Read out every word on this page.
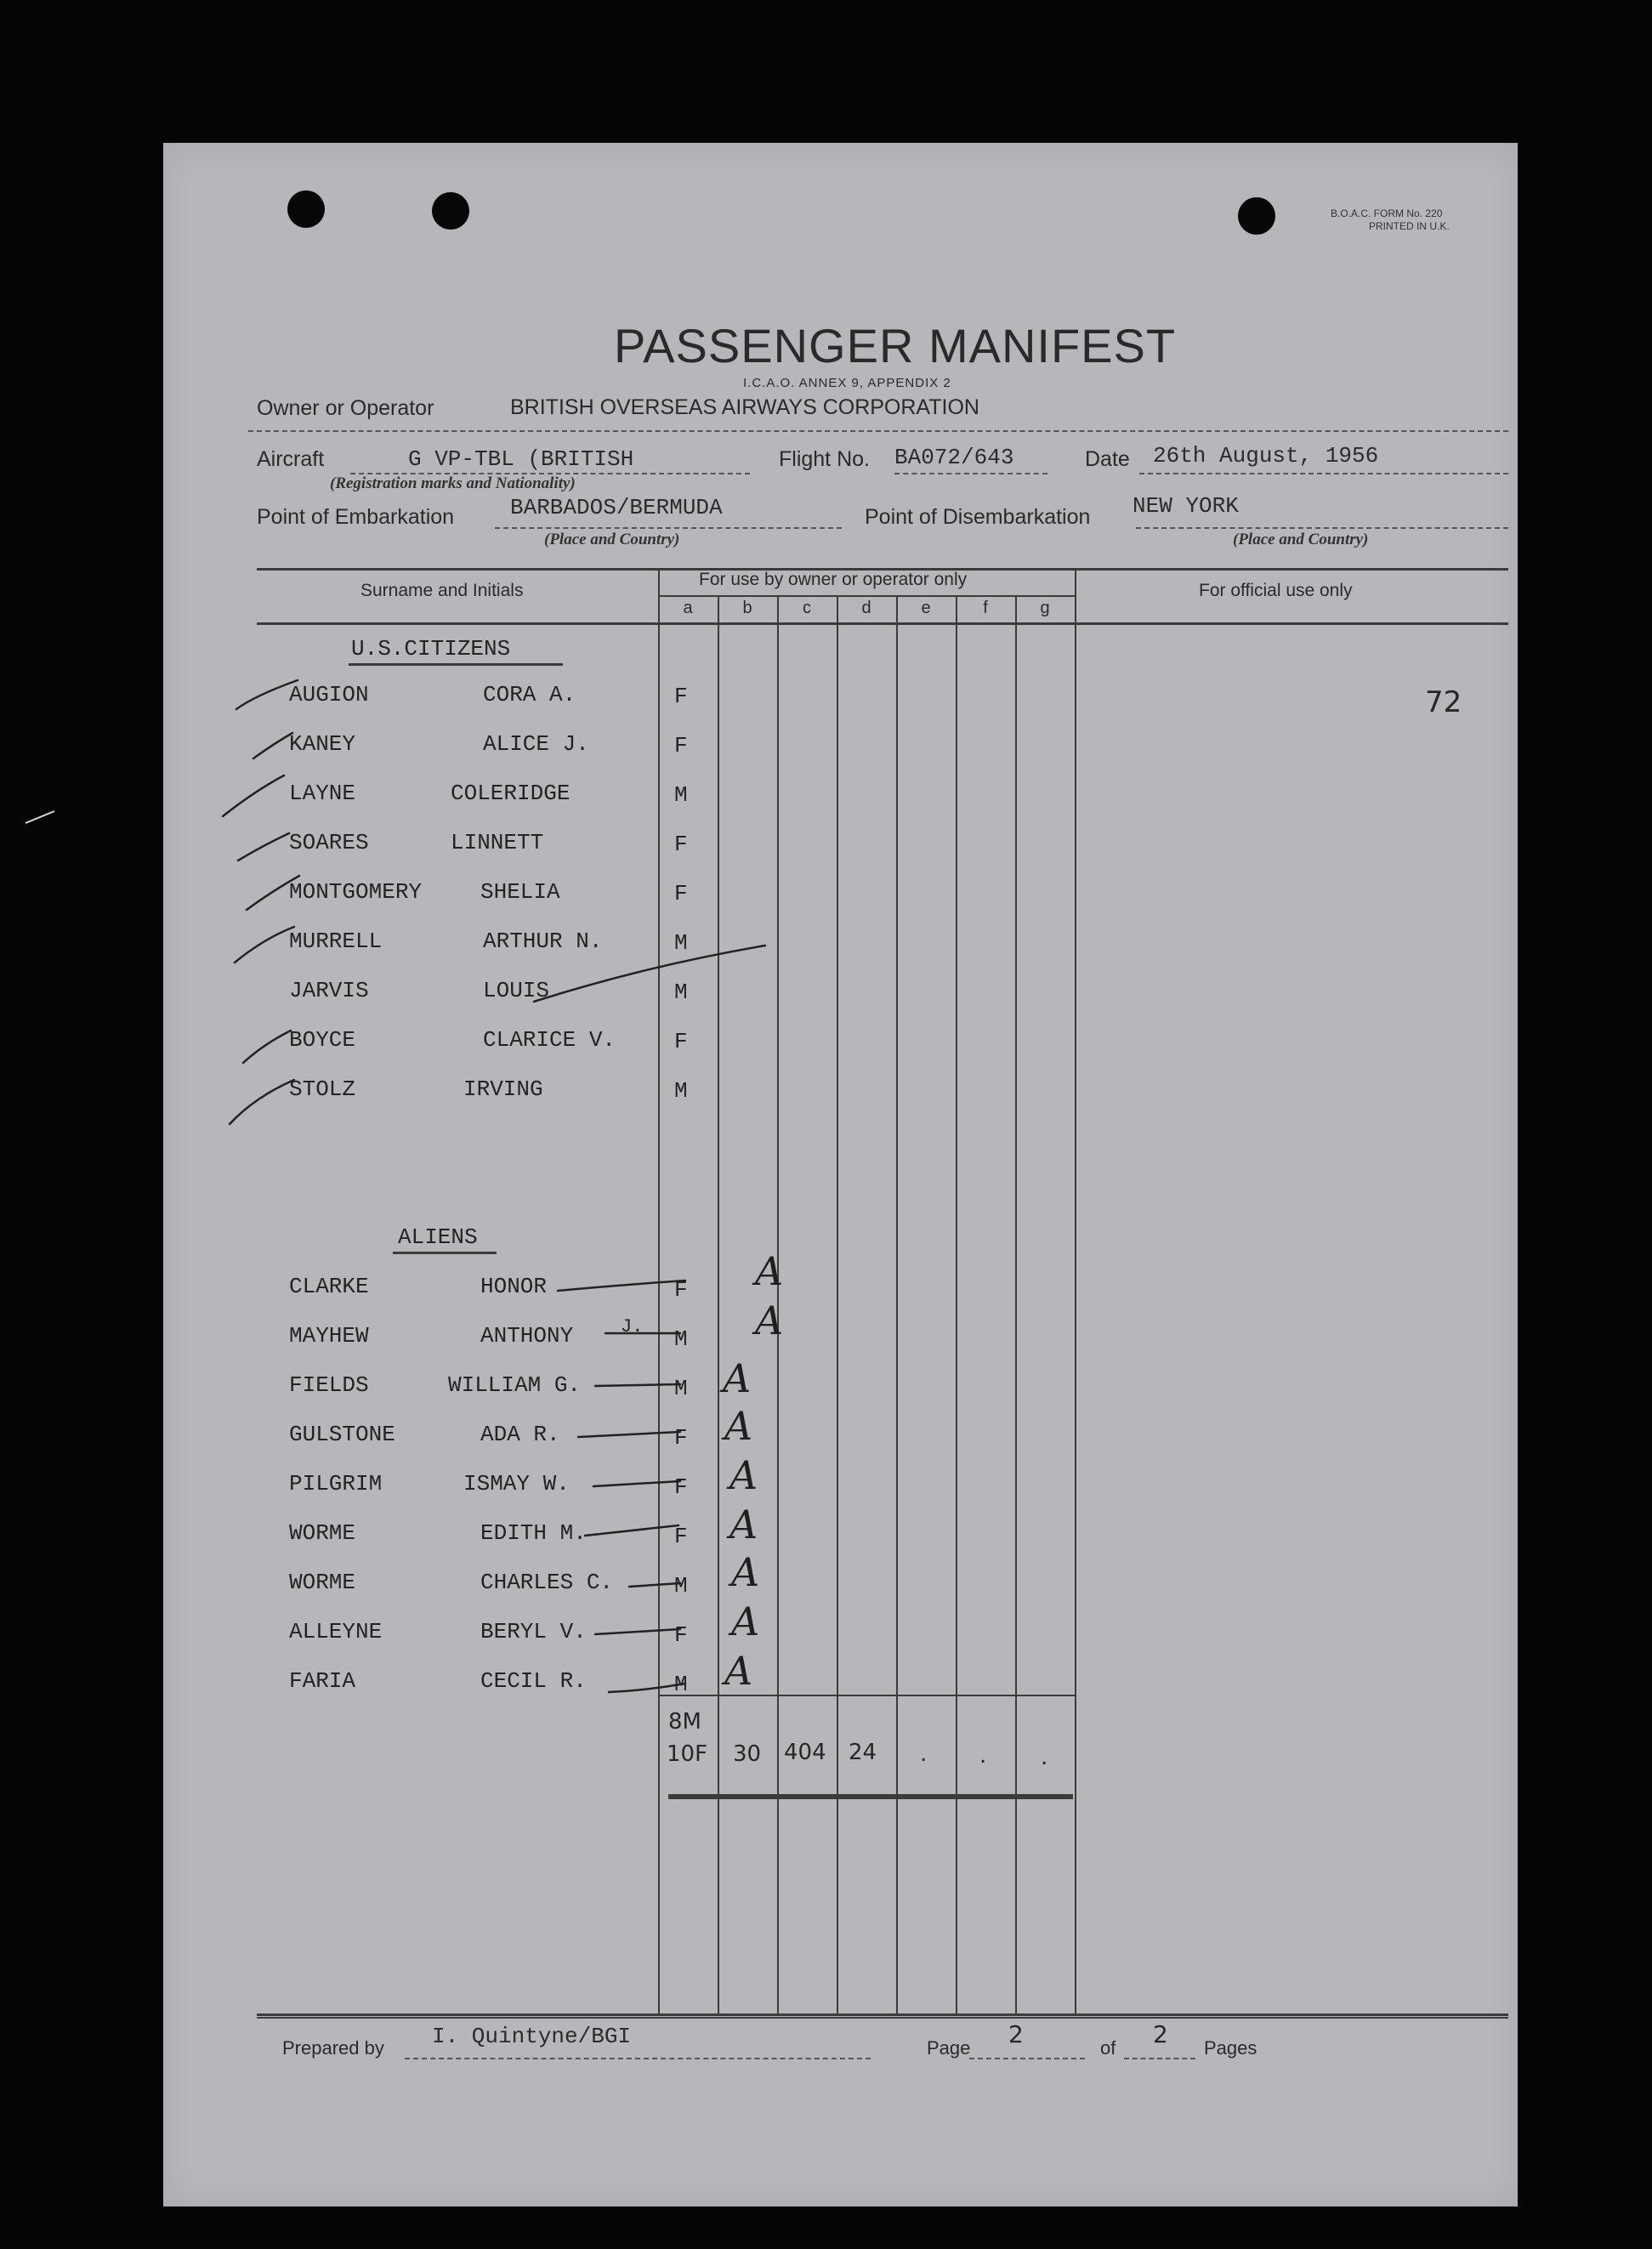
B.O.A.C. FORM No. 220
PRINTED IN U.K.
PASSENGER MANIFEST
I.C.A.O. ANNEX 9, APPENDIX 2
Owner or Operator	BRITISH OVERSEAS AIRWAYS CORPORATION
Aircraft	G VP-TBL (BRITISH
(Registration marks and Nationality)
Flight No. BA072/643	Date 26th August, 1956
Point of Embarkation	BARBADOS/BERMUDA
(Place and Country)
Point of Disembarkation NEW YORK
(Place and Country)
Surname and Initials
For use by owner or operator only
For official use only
a	b	c	d	e	f	g
72
U.S.CITIZENS
AUGION	CORA A.	F
KANEY	ALICE J.	F
LAYNE	COLERIDGE	M
SOARES	LINNETT	F
MONTGOMERY	SHELIA	F
MURRELL	ARTHUR N.	M
JARVIS	LOUIS	M
BOYCE	CLARICE V.	F
STOLZ	IRVING	M
ALIENS
CLARKE	HONOR	F A
MAYHEW	ANTHONY	J. M A
FIELDS	WILLIAM G.	M A
GULSTONE	ADA R.	F A
PILGRIM	ISMAY W.	F A
WORME	EDITH M.	F A
WORME	CHARLES C.	M A
ALLEYNE	BERYL V.	F A
FARIA	CECIL R.	M A
8M
10F 30 404 24 . . .
Prepared by I. Quintyne/BGI	Page 2	of 2 Pages
